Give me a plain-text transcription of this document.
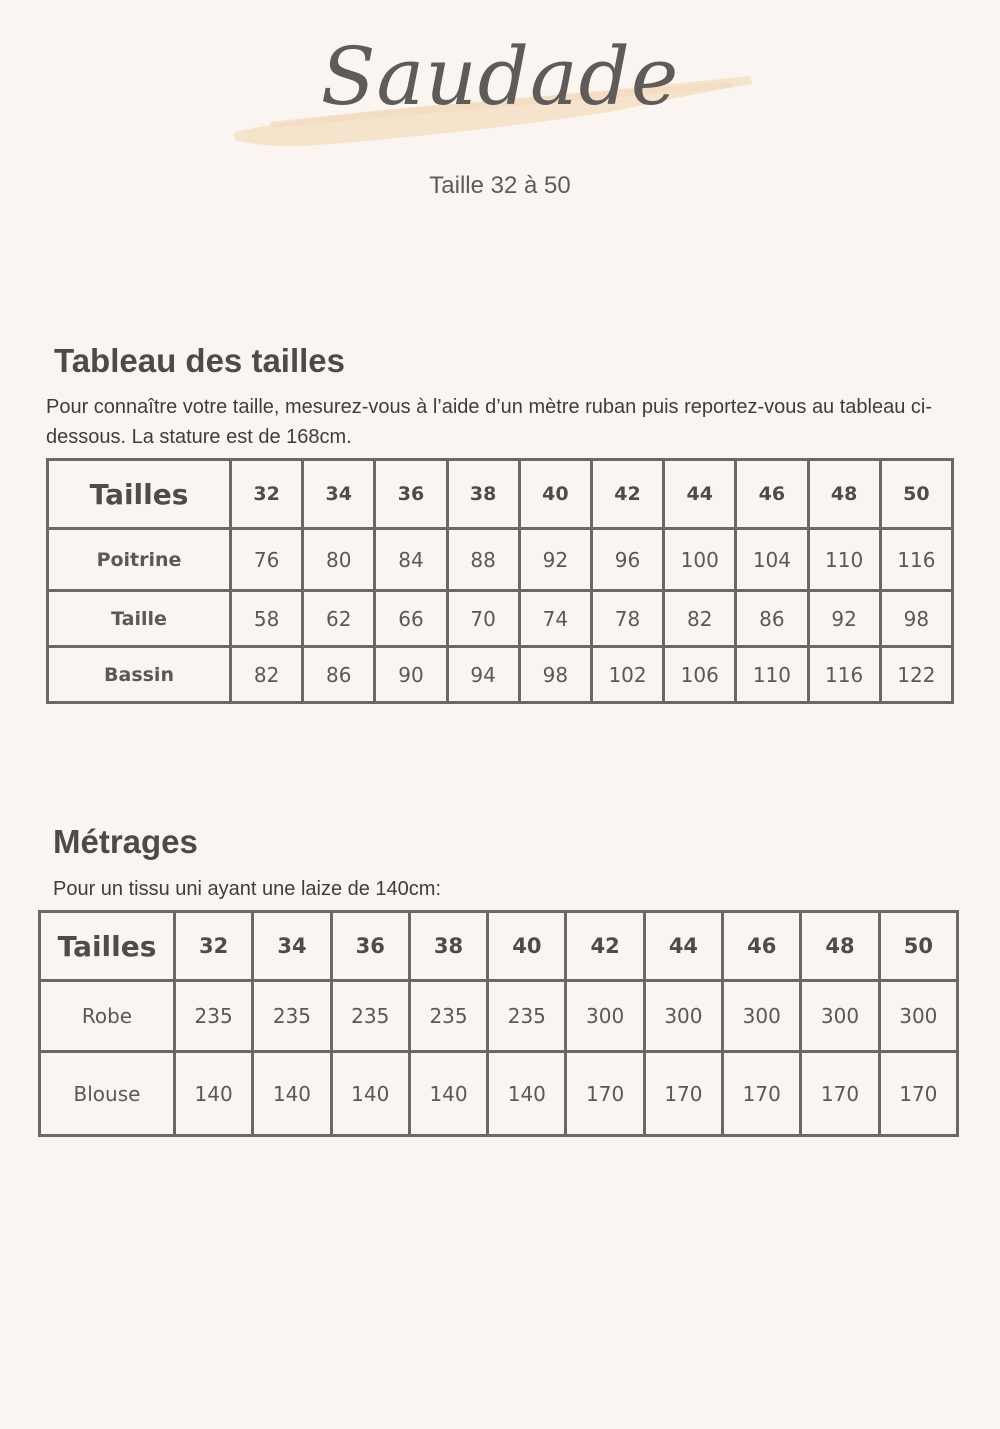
Saudade

Taille 32 à 50

Tableau des tailles

Pour connaître votre taille, mesurez-vous à l’aide d’un mètre ruban puis reportez-vous au tableau ci-dessous. La stature est de 168cm.

Tailles	32	34	36	38	40	42	44	46	48	50
Poitrine	76	80	84	88	92	96	100	104	110	116
Taille	58	62	66	70	74	78	82	86	92	98
Bassin	82	86	90	94	98	102	106	110	116	122
Métrages

Pour un tissu uni ayant une laize de 140cm:

Tailles	32	34	36	38	40	42	44	46	48	50
Robe	235	235	235	235	235	300	300	300	300	300
Blouse	140	140	140	140	140	170	170	170	170	170
